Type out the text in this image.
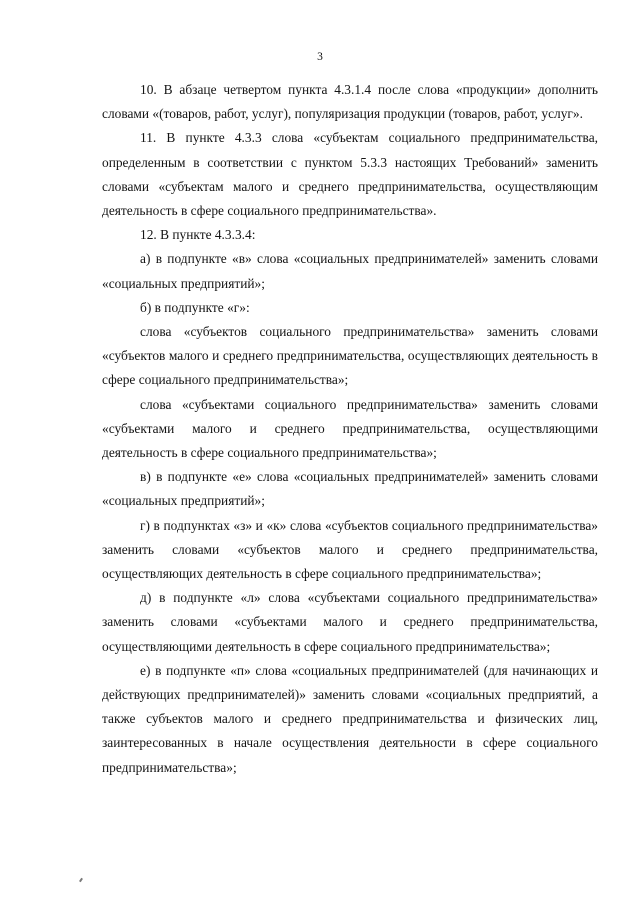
3

10. В абзаце четвертом пункта 4.3.1.4 после слова «продукции» дополнить словами «(товаров, работ, услуг), популяризация продукции (товаров, работ, услуг».

11. В пункте 4.3.3 слова «субъектам социального предпринимательства, определенным в соответствии с пунктом 5.3.3 настоящих Требований» заменить словами «субъектам малого и среднего предпринимательства, осуществляющим деятельность в сфере социального предпринимательства».

12. В пункте 4.3.3.4:

а) в подпункте «в» слова «социальных предпринимателей» заменить словами «социальных предприятий»;

б) в подпункте «г»:

слова «субъектов социального предпринимательства» заменить словами «субъектов малого и среднего предпринимательства, осуществляющих деятельность в сфере социального предпринимательства»;

слова «субъектами социального предпринимательства» заменить словами «субъектами малого и среднего предпринимательства, осуществляющими деятельность в сфере социального предпринимательства»;

в) в подпункте «е» слова «социальных предпринимателей» заменить словами «социальных предприятий»;

г) в подпунктах «з» и «к» слова «субъектов социального предпринимательства» заменить словами «субъектов малого и среднего предпринимательства, осуществляющих деятельность в сфере социального предпринимательства»;

д) в подпункте «л» слова «субъектами социального предпринимательства» заменить словами «субъектами малого и среднего предпринимательства, осуществляющими деятельность в сфере социального предпринимательства»;

е) в подпункте «п» слова «социальных предпринимателей (для начинающих и действующих предпринимателей)» заменить словами «социальных предприятий, а также субъектов малого и среднего предпринимательства и физических лиц, заинтересованных в начале осуществления деятельности в сфере социального предпринимательства»;
